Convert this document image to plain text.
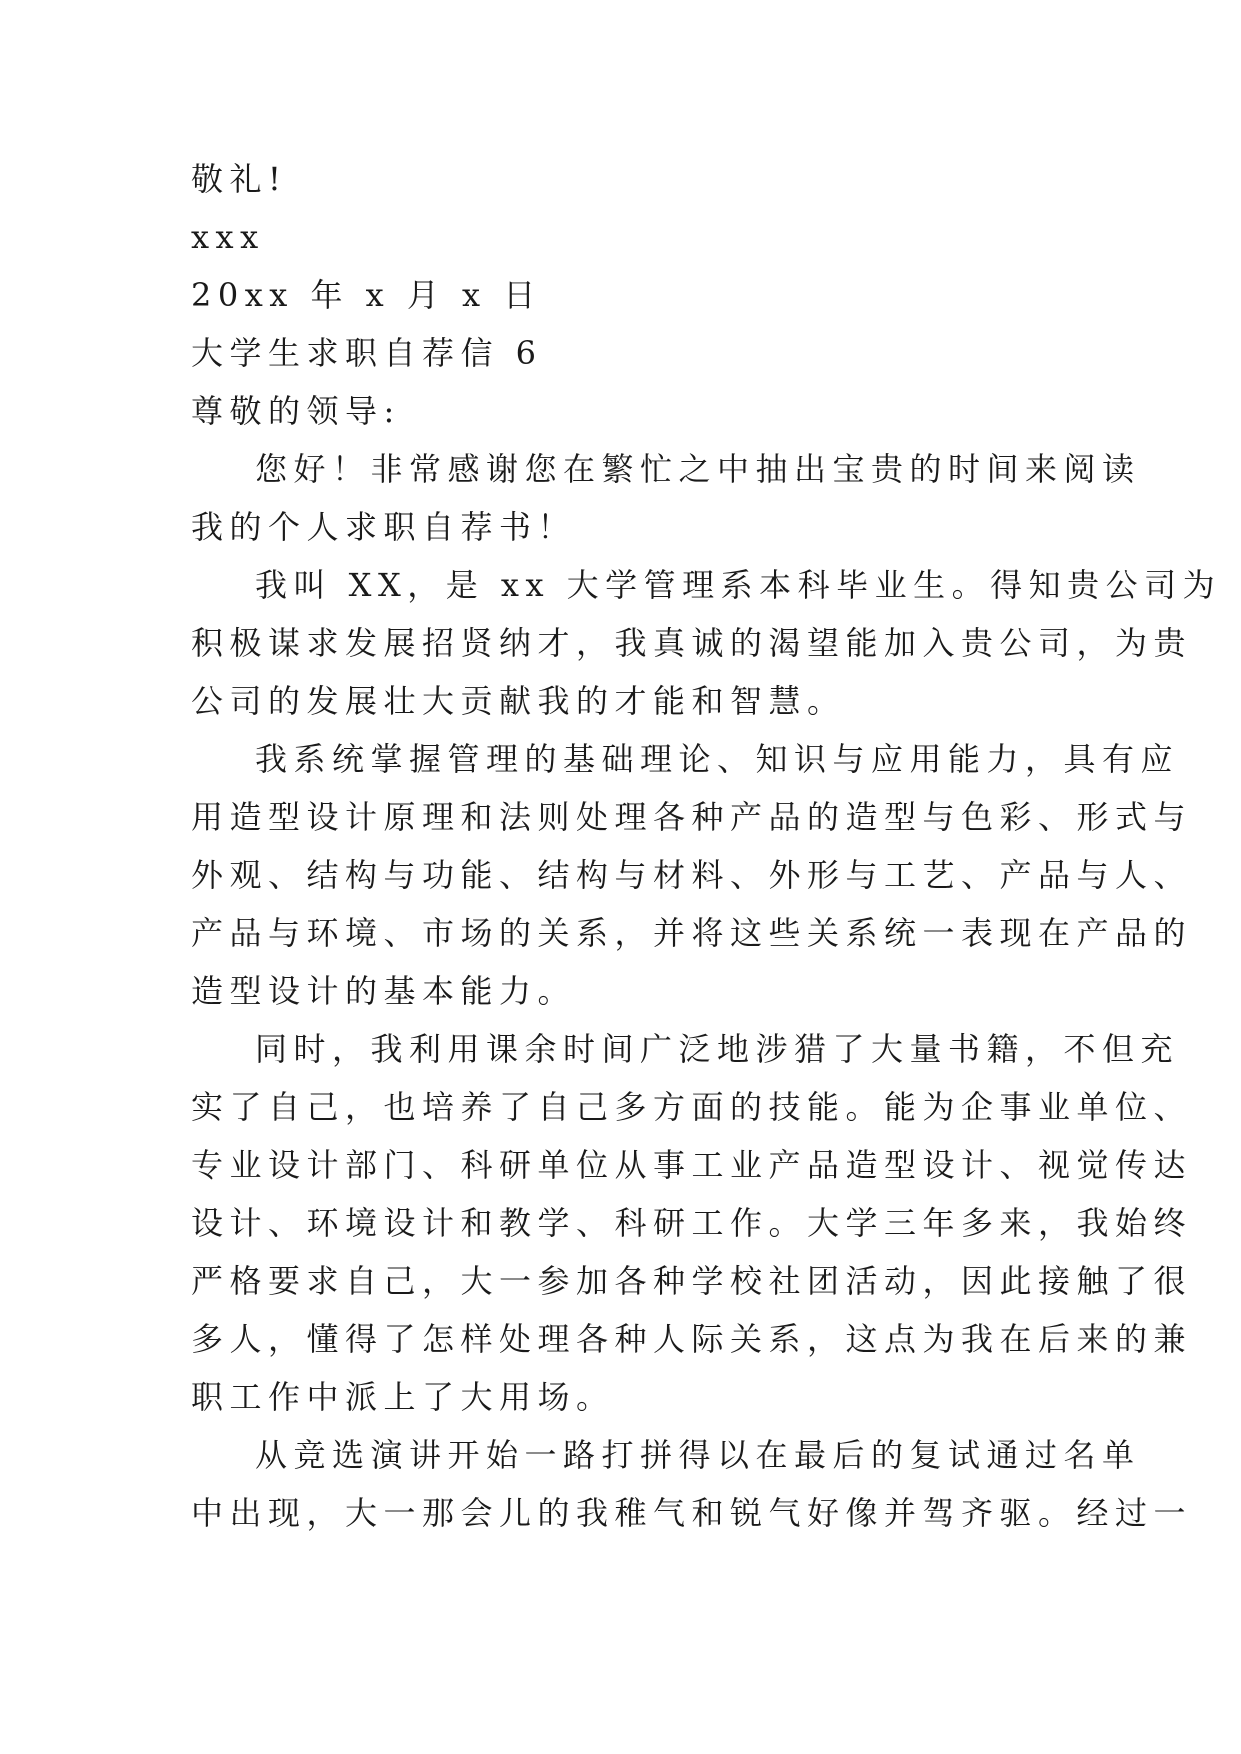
敬礼!
xxx
20xx 年 x 月 x 日
大学生求职自荐信 6
尊敬的领导:
您好！非常感谢您在繁忙之中抽出宝贵的时间来阅读
我的个人求职自荐书！
我叫 XX，是 xx 大学管理系本科毕业生。得知贵公司为
积极谋求发展招贤纳才，我真诚的渴望能加入贵公司，为贵
公司的发展壮大贡献我的才能和智慧。
我系统掌握管理的基础理论、知识与应用能力，具有应
用造型设计原理和法则处理各种产品的造型与色彩、形式与
外观、结构与功能、结构与材料、外形与工艺、产品与人、
产品与环境、市场的关系，并将这些关系统一表现在产品的
造型设计的基本能力。
同时，我利用课余时间广泛地涉猎了大量书籍，不但充
实了自己，也培养了自己多方面的技能。能为企事业单位、
专业设计部门、科研单位从事工业产品造型设计、视觉传达
设计、环境设计和教学、科研工作。大学三年多来，我始终
严格要求自己，大一参加各种学校社团活动，因此接触了很
多人，懂得了怎样处理各种人际关系，这点为我在后来的兼
职工作中派上了大用场。
从竞选演讲开始一路打拼得以在最后的复试通过名单
中出现，大一那会儿的我稚气和锐气好像并驾齐驱。经过一
